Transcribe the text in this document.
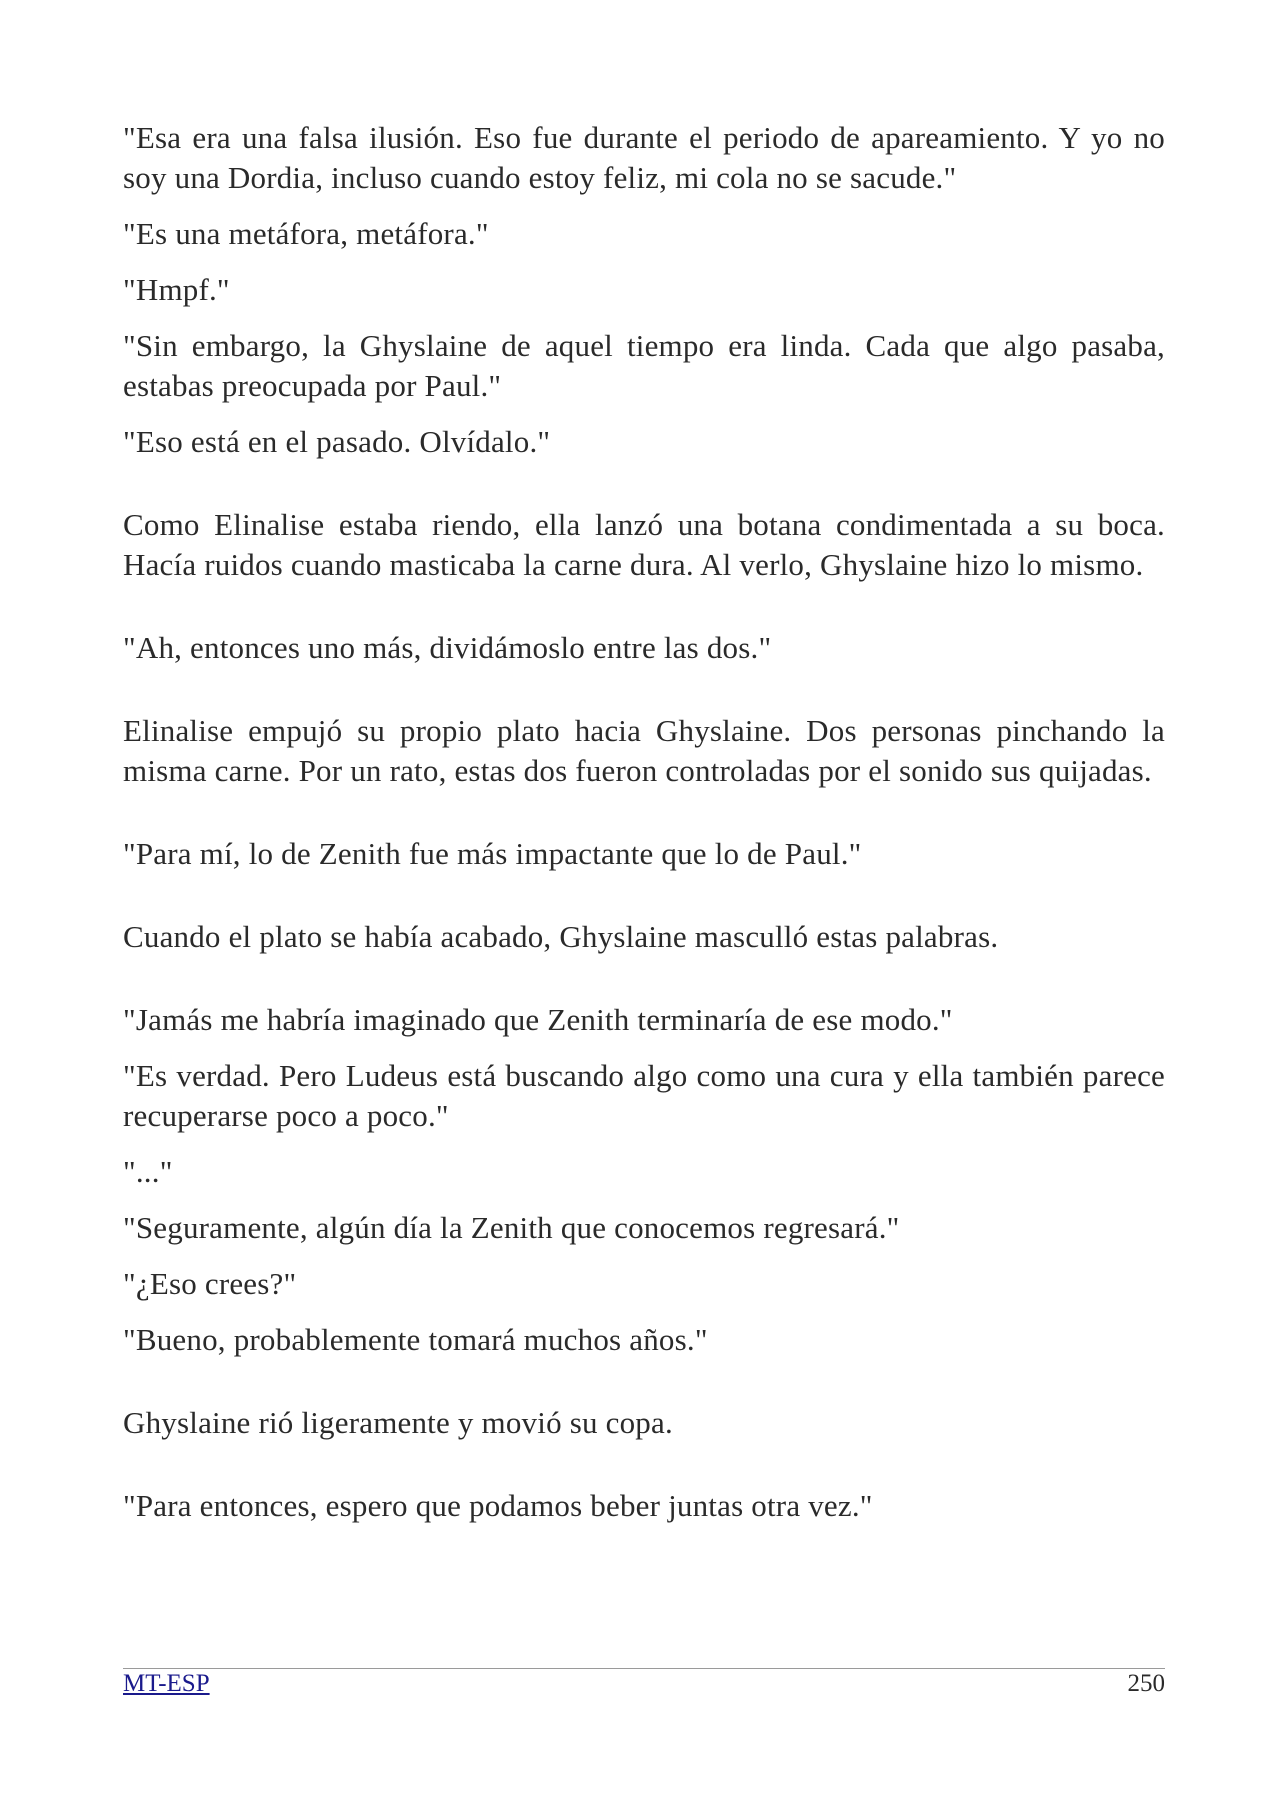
"Esa era una falsa ilusión. Eso fue durante el periodo de apareamiento. Y yo no soy una Dordia, incluso cuando estoy feliz, mi cola no se sacude."

"Es una metáfora, metáfora."

"Hmpf."

"Sin embargo, la Ghyslaine de aquel tiempo era linda. Cada que algo pasaba, estabas preocupada por Paul."

"Eso está en el pasado. Olvídalo."

Como Elinalise estaba riendo, ella lanzó una botana condimentada a su boca. Hacía ruidos cuando masticaba la carne dura. Al verlo, Ghyslaine hizo lo mismo.

"Ah, entonces uno más, dividámoslo entre las dos."

Elinalise empujó su propio plato hacia Ghyslaine. Dos personas pinchando la misma carne. Por un rato, estas dos fueron controladas por el sonido sus quijadas.

"Para mí, lo de Zenith fue más impactante que lo de Paul."

Cuando el plato se había acabado, Ghyslaine masculló estas palabras.

"Jamás me habría imaginado que Zenith terminaría de ese modo."

"Es verdad. Pero Ludeus está buscando algo como una cura y ella también parece recuperarse poco a poco."

"..."

"Seguramente, algún día la Zenith que conocemos regresará."

"¿Eso crees?"

"Bueno, probablemente tomará muchos años."

Ghyslaine rió ligeramente y movió su copa.

"Para entonces, espero que podamos beber juntas otra vez."

MT-ESP	250
